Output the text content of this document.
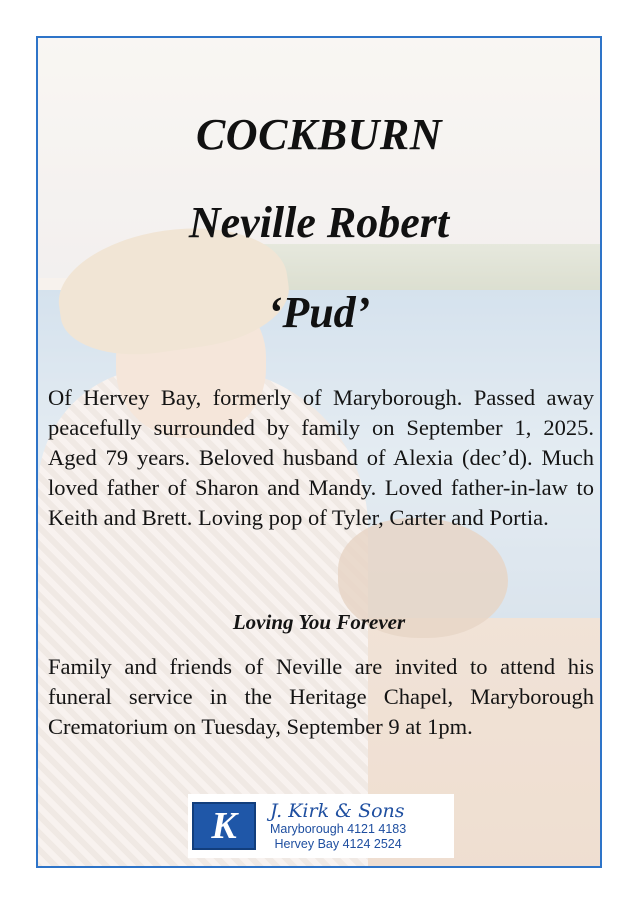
COCKBURN
Neville Robert
‘Pud’

Of Hervey Bay, formerly of Maryborough. Passed away peacefully surrounded by family on September 1, 2025. Aged 79 years. Beloved husband of Alexia (dec’d). Much loved father of Sharon and Mandy. Loved father-in-law to Keith and Brett. Loving pop of Tyler, Carter and Portia.

Loving You Forever

Family and friends of Neville are invited to attend his funeral service in the Heritage Chapel, Maryborough Crematorium on Tuesday, September 9 at 1pm.

K J. Kirk & Sons
Maryborough 4121 4183
Hervey Bay 4124 2524
